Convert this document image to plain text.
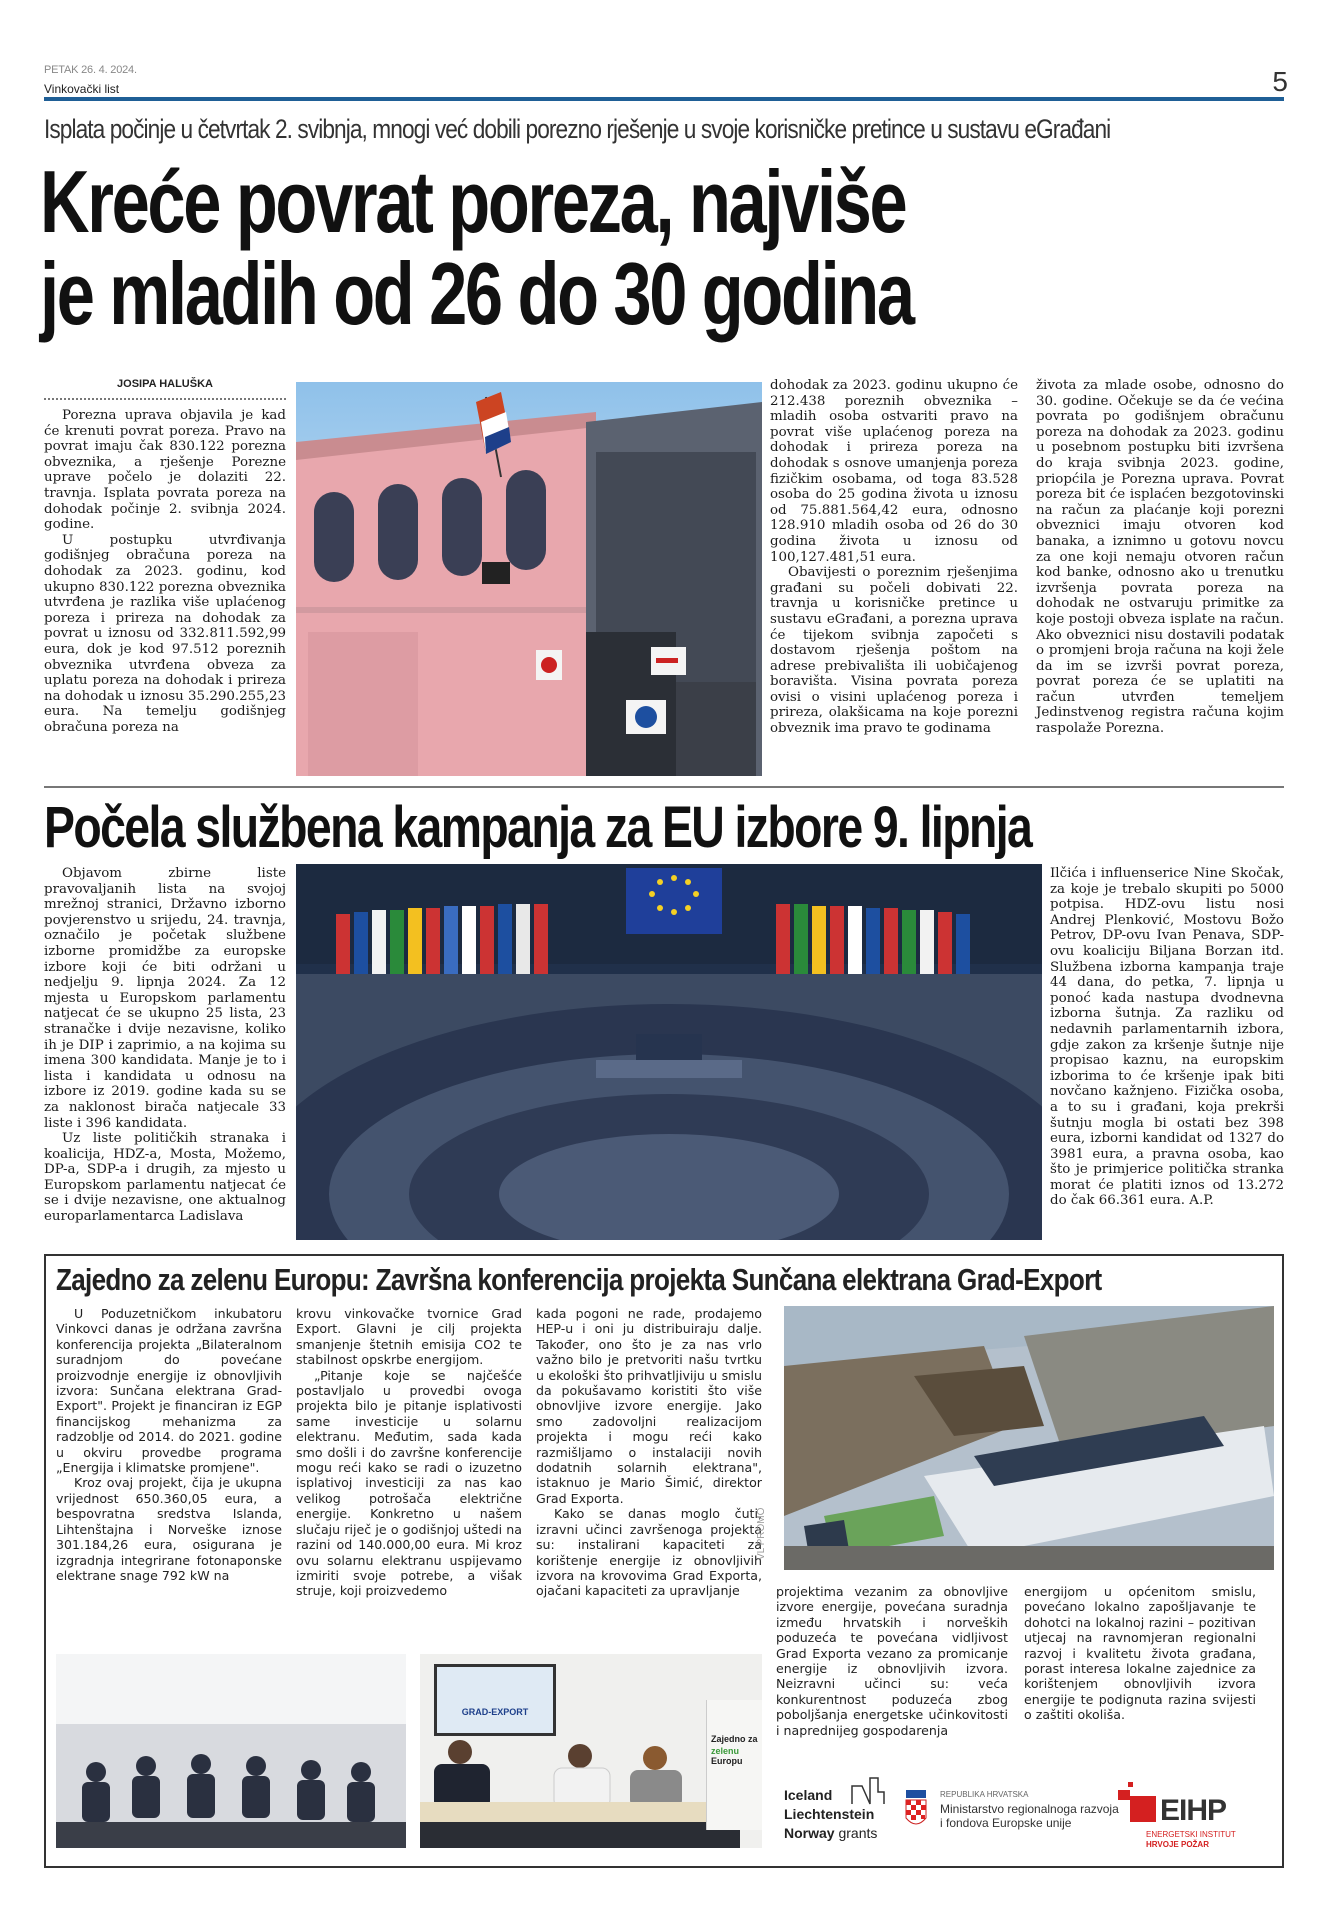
PETAK 26. 4. 2024.
Vinkovački list	5
Isplata počinje u četvrtak 2. svibnja, mnogi već dobili porezno rješenje u svoje korisničke pretince u sustavu eGrađani
Kreće povrat poreza, najviše
je mladih od 26 do 30 godina
JOSIPA HALUŠKA

Porezna uprava objavila je kad će krenuti povrat poreza. Pravo na povrat imaju čak 830.122 porezna obveznika, a rješenje Porezne uprave počelo je dolaziti 22. travnja. Isplata povrata poreza na dohodak počinje 2. svibnja 2024. godine.

U postupku utvrđivanja godišnjeg obračuna poreza na dohodak za 2023. godinu, kod ukupno 830.122 porezna obveznika utvrđena je razlika više uplaćenog poreza i prireza na dohodak za povrat u iznosu od 332.811.592,99 eura, dok je kod 97.512 poreznih obveznika utvrđena obveza za uplatu poreza na dohodak i prireza na dohodak u iznosu 35.290.255,23 eura. Na temelju godišnjeg obračuna poreza na

dohodak za 2023. godinu ukupno će 212.438 poreznih obveznika – mladih osoba ostvariti pravo na povrat više uplaćenog poreza na dohodak i prireza poreza na dohodak s osnove umanjenja poreza fizičkim osobama, od toga 83.528 osoba do 25 godina života u iznosu od 75.881.564,42 eura, odnosno 128.910 mladih osoba od 26 do 30 godina života u iznosu od 100,127.481,51 eura.

Obavijesti o poreznim rješenjima građani su počeli dobivati 22. travnja u korisničke pretince u sustavu eGrađani, a porezna uprava će tijekom svibnja započeti s dostavom rješenja poštom na adrese prebivališta ili uobičajenog boravišta. Visina povrata poreza ovisi o visini uplaćenog poreza i prireza, olakšicama na koje porezni obveznik ima pravo te godinama

života za mlade osobe, odnosno do 30. godine. Očekuje se da će većina povrata po godišnjem obračunu poreza na dohodak za 2023. godinu u posebnom postupku biti izvršena do kraja svibnja 2023. godine, priopćila je Porezna uprava. Povrat poreza bit će isplaćen bezgotovinski na račun za plaćanje koji porezni obveznici imaju otvoren kod banaka, a iznimno u gotovu novcu za one koji nemaju otvoren račun kod banke, odnosno ako u trenutku izvršenja povrata poreza na dohodak ne ostvaruju primitke za koje postoji obveza isplate na račun. Ako obveznici nisu dostavili podatak o promjeni broja računa na koji žele da im se izvrši povrat poreza, povrat poreza će se uplatiti na račun utvrđen temeljem Jedinstvenog registra računa kojim raspolaže Porezna.

Počela službena kampanja za EU izbore 9. lipnja

Objavom zbirne liste pravovaljanih lista na svojoj mrežnoj stranici, Državno izborno povjerenstvo u srijedu, 24. travnja, označilo je početak službene izborne promidžbe za europske izbore koji će biti održani u nedjelju 9. lipnja 2024. Za 12 mjesta u Europskom parlamentu natjecat će se ukupno 25 lista, 23 stranačke i dvije nezavisne, koliko ih je DIP i zaprimio, a na kojima su imena 300 kandidata. Manje je to i lista i kandidata u odnosu na izbore iz 2019. godine kada su se za naklonost birača natjecale 33 liste i 396 kandidata.

Uz liste političkih stranaka i koalicija, HDZ-a, Mosta, Možemo, DP-a, SDP-a i drugih, za mjesto u Europskom parlamentu natjecat će se i dvije nezavisne, one aktualnog europarlamentarca Ladislava

Ilčića i influenserice Nine Skočak, za koje je trebalo skupiti po 5000 potpisa. HDZ-ovu listu nosi Andrej Plenković, Mostovu Božo Petrov, DP-ovu Ivan Penava, SDP-ovu koaliciju Biljana Borzan itd. Službena izborna kampanja traje 44 dana, do petka, 7. lipnja u ponoć kada nastupa dvodnevna izborna šutnja. Za razliku od nedavnih parlamentarnih izbora, gdje zakon za kršenje šutnje nije propisao kaznu, na europskim izborima to će kršenje ipak biti novčano kažnjeno. Fizička osoba, a to su i građani, koja prekrši šutnju mogla bi ostati bez 398 eura, izborni kandidat od 1327 do 3981 eura, a pravna osoba, kao što je primjerice politička stranka morat će platiti iznos od 13.272 do čak 66.361 eura. A.P.

Zajedno za zelenu Europu: Završna konferencija projekta Sunčana elektrana Grad-Export

U Poduzetničkom inkubatoru Vinkovci danas je održana završna konferencija projekta „Bilateralnom suradnjom do povećane proizvodnje energije iz obnovljivih izvora: Sunčana elektrana Grad-Export". Projekt je financiran iz EGP financijskog mehanizma za radzoblje od 2014. do 2021. godine u okviru provedbe programa „Energija i klimatske promjene".

Kroz ovaj projekt, čija je ukupna vrijednost 650.360,05 eura, a bespovratna sredstva Islanda, Lihtenštajna i Norveške iznose 301.184,26 eura, osigurana je izgradnja integrirane fotonaponske elektrane snage 792 kW na

krovu vinkovačke tvornice Grad Export. Glavni je cilj projekta smanjenje štetnih emisija CO2 te stabilnost opskrbe energijom.

„Pitanje koje se najčešće postavljalo u provedbi ovoga projekta bilo je pitanje isplativosti same investicije u solarnu elektranu. Međutim, sada kada smo došli i do završne konferencije mogu reći kako se radi o izuzetno isplativoj investiciji za nas kao velikog potrošača električne energije. Konkretno u našem slučaju riječ je o godišnjoj uštedi na razini od 140.000,00 eura. Mi kroz ovu solarnu elektranu uspijevamo izmiriti svoje potrebe, a višak struje, koji proizvedemo

kada pogoni ne rade, prodajemo HEP-u i oni ju distribuiraju dalje. Također, ono što je za nas vrlo važno bilo je pretvoriti našu tvrtku u ekološki što prihvatljiviju u smislu da pokušavamo koristiti što više obnovljive izvore energije. Jako smo zadovoljni realizacijom projekta i mogu reći kako razmišljamo o instalaciji novih dodatnih solarnih elektrana", istaknuo je Mario Šimić, direktor Grad Exporta.

Kako se danas moglo čuti, izravni učinci završenoga projekta su: instalirani kapaciteti za korištenje energije iz obnovljivih izvora na krovovima Grad Exporta, ojačani kapaciteti za upravljanje

VL PROMO

projektima vezanim za obnovljive izvore energije, povećana suradnja između hrvatskih i norveških poduzeća te povećana vidljivost Grad Exporta vezano za promicanje energije iz obnovljivih izvora. Neizravni učinci su: veća konkurentnost poduzeća zbog poboljšanja energetske učinkovitosti i naprednijeg gospodarenja

energijom u općenitom smislu, povećano lokalno zapošljavanje te dohotci na lokalnoj razini – pozitivan utjecaj na ravnomjeran regionalni razvoj i kvalitetu života građana, porast interesa lokalne zajednice za korištenjem obnovljivih izvora energije te podignuta razina svijesti o zaštiti okoliša.

GRAD-EXPORT
Zajedno za
zelenu Europu
Iceland
Liechtenstein
Norway grants
REPUBLIKA HRVATSKA
Ministarstvo regionalnoga razvoja
i fondova Europske unije	EIHP
ENERGETSKI INSTITUT
HRVOJE POŽAR
